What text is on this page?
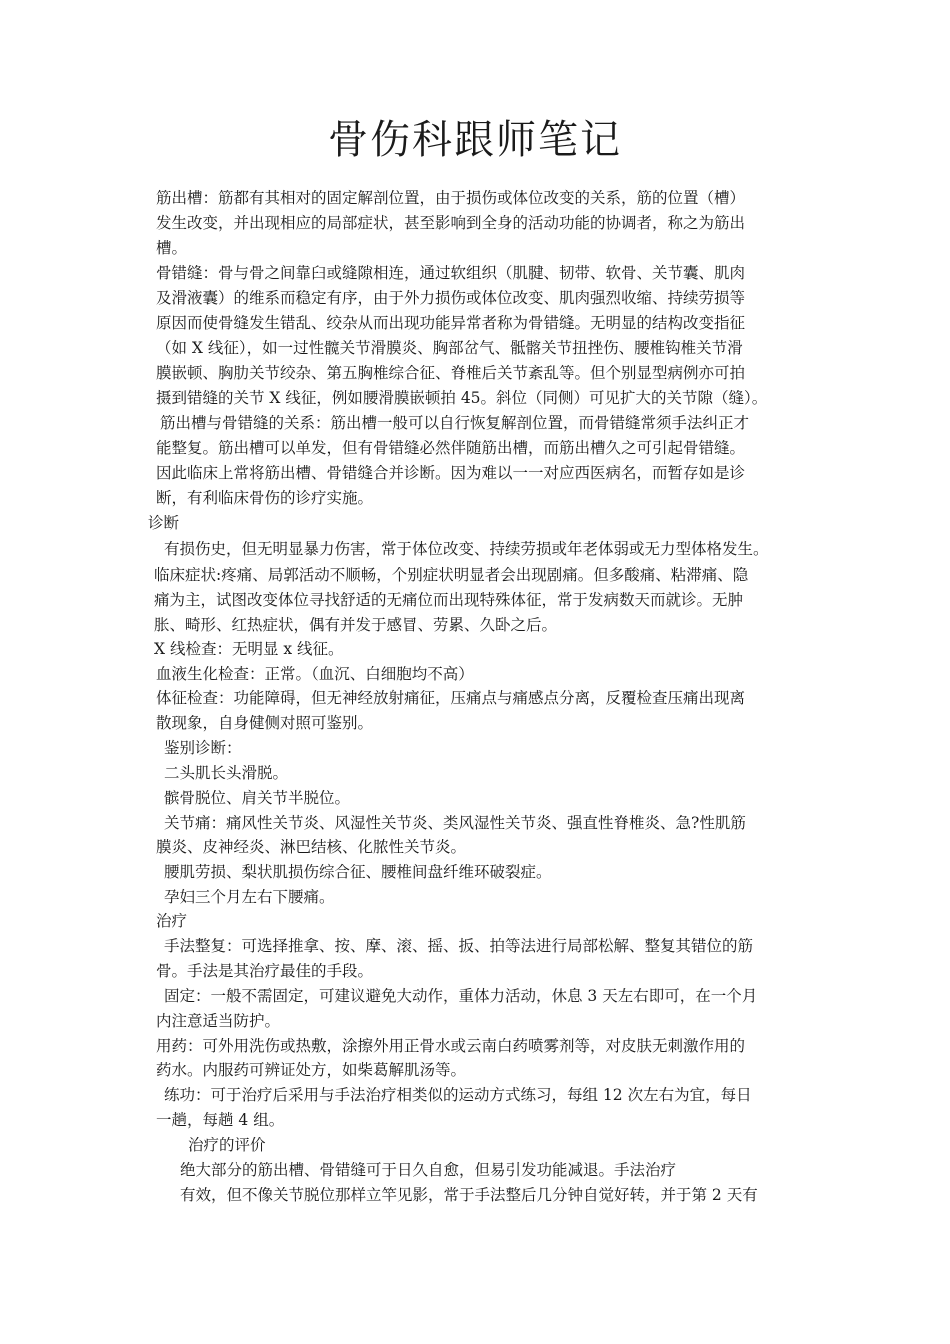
骨伤科跟师笔记
筋出槽：筋都有其相对的固定解剖位置，由于损伤或体位改变的关系，筋的位置（槽）
发生改变，并出现相应的局部症状，甚至影响到全身的活动功能的协调者，称之为筋出
槽。
骨错缝：骨与骨之间靠臼或缝隙相连，通过软组织（肌腱、韧带、软骨、关节囊、肌肉
及滑液囊）的维系而稳定有序，由于外力损伤或体位改变、肌肉强烈收缩、持续劳损等
原因而使骨缝发生错乱、绞杂从而出现功能异常者称为骨错缝。无明显的结构改变指征
（如 X 线征），如一过性髋关节滑膜炎、胸部岔气、骶髂关节扭挫伤、腰椎钩椎关节滑
膜嵌顿、胸肋关节绞杂、第五胸椎综合征、脊椎后关节紊乱等。但个别显型病例亦可拍
摄到错缝的关节 X 线征，例如腰滑膜嵌顿拍 45。斜位（同侧）可见扩大的关节隙（缝）。
筋出槽与骨错缝的关系：筋出槽一般可以自行恢复解剖位置，而骨错缝常须手法纠正才
能整复。筋出槽可以单发，但有骨错缝必然伴随筋出槽，而筋出槽久之可引起骨错缝。
因此临床上常将筋出槽、骨错缝合并诊断。因为难以一一对应西医病名，而暂存如是诊
断，有利临床骨伤的诊疗实施。
诊断
有损伤史，但无明显暴力伤害，常于体位改变、持续劳损或年老体弱或无力型体格发生。
临床症状:疼痛、局郭活动不顺畅，个别症状明显者会出现剧痛。但多酸痛、粘滞痛、隐
痛为主，试图改变体位寻找舒适的无痛位而出现特殊体征，常于发病数天而就诊。无肿
胀、畸形、红热症状，偶有并发于感冒、劳累、久卧之后。
X 线检查：无明显 x 线征。
血液生化检查：正常。（血沉、白细胞均不高）
体征检查：功能障碍，但无神经放射痛征，压痛点与痛感点分离，反覆检查压痛出现离
散现象，自身健侧对照可鉴别。
鉴别诊断：
二头肌长头滑脱。
髌骨脱位、肩关节半脱位。
关节痛：痛风性关节炎、风湿性关节炎、类风湿性关节炎、强直性脊椎炎、急?性肌筋
膜炎、皮神经炎、淋巴结核、化脓性关节炎。
腰肌劳损、梨状肌损伤综合征、腰椎间盘纤维环破裂症。
孕妇三个月左右下腰痛。
治疗
手法整复：可选择推拿、按、摩、滚、摇、扳、拍等法进行局部松解、整复其错位的筋
骨。手法是其治疗最佳的手段。
固定：一般不需固定，可建议避免大动作，重体力活动，休息 3 天左右即可，在一个月
内注意适当防护。
用药：可外用洗伤或热敷，涂擦外用正骨水或云南白药喷雾剂等，对皮肤无刺激作用的
药水。内服药可辨证处方，如柴葛解肌汤等。
练功：可于治疗后采用与手法治疗相类似的运动方式练习，每组 12 次左右为宜，每日
一趟，每趟 4 组。
治疗的评价
绝大部分的筋出槽、骨错缝可于日久自愈，但易引发功能减退。手法治疗
有效，但不像关节脱位那样立竿见影，常于手法整后几分钟自觉好转，并于第 2 天有
